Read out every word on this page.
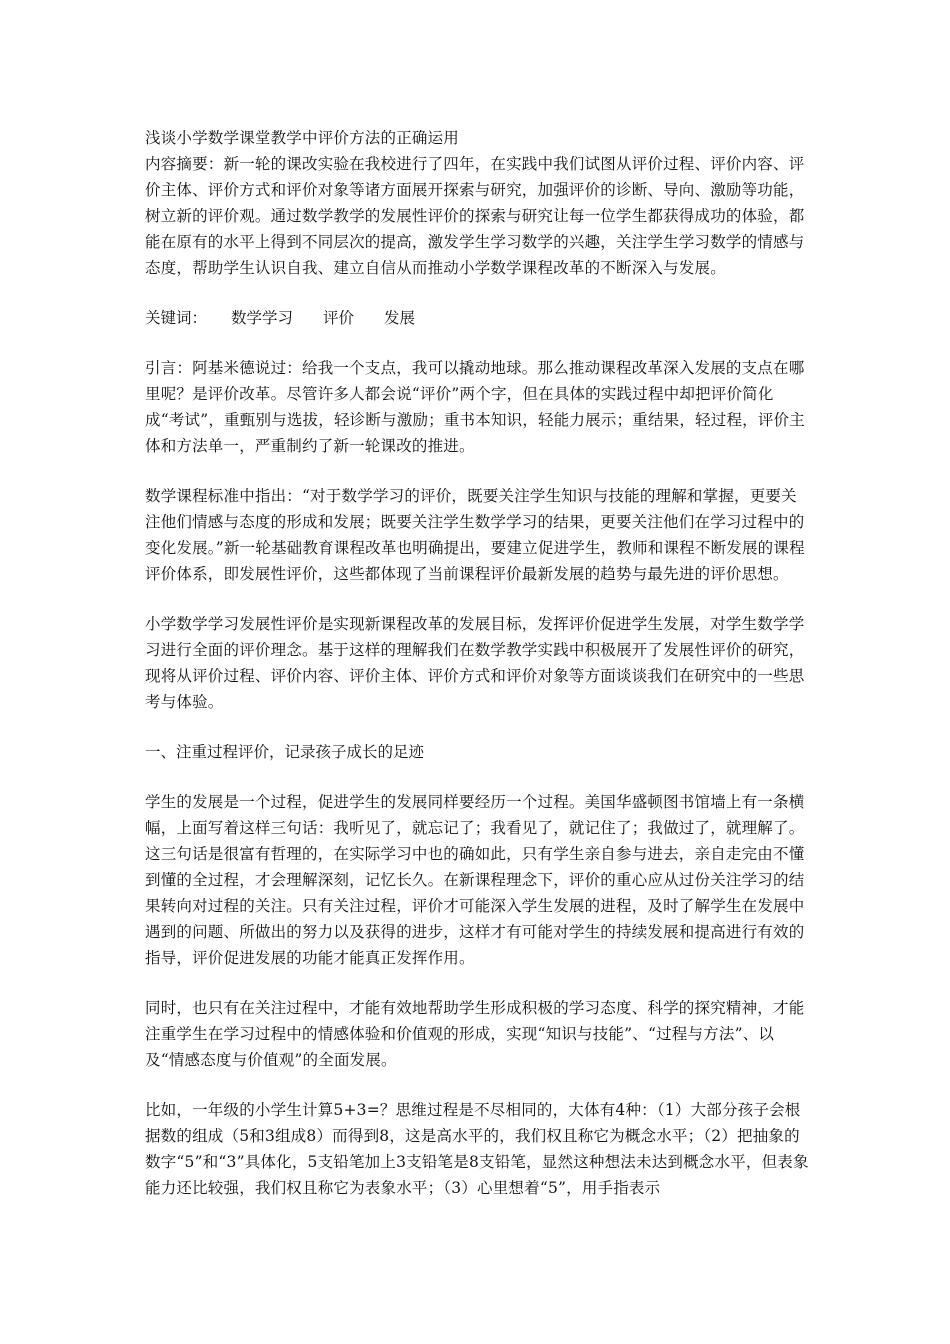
浅谈小学数学课堂教学中评价方法的正确运用
内容摘要：新一轮的课改实验在我校进行了四年，在实践中我们试图从评价过程、评价内容、评价主体、评价方式和评价对象等诸方面展开探索与研究，加强评价的诊断、导向、激励等功能，树立新的评价观。通过数学教学的发展性评价的探索与研究让每一位学生都获得成功的体验，都能在原有的水平上得到不同层次的提高，激发学生学习数学的兴趣，关注学生学习数学的情感与态度，帮助学生认识自我、建立自信从而推动小学数学课程改革的不断深入与发展。
关键词： 数学学习 评价 发展
引言：阿基米德说过：给我一个支点，我可以撬动地球。那么推动课程改革深入发展的支点在哪里呢？是评价改革。尽管许多人都会说“评价”两个字，但在具体的实践过程中却把评价简化成“考试”，重甄别与选拔，轻诊断与激励；重书本知识，轻能力展示；重结果，轻过程，评价主体和方法单一，严重制约了新一轮课改的推进。
数学课程标准中指出：“对于数学学习的评价，既要关注学生知识与技能的理解和掌握，更要关注他们情感与态度的形成和发展；既要关注学生数学学习的结果，更要关注他们在学习过程中的变化发展。”新一轮基础教育课程改革也明确提出，要建立促进学生，教师和课程不断发展的课程评价体系，即发展性评价，这些都体现了当前课程评价最新发展的趋势与最先进的评价思想。
小学数学学习发展性评价是实现新课程改革的发展目标，发挥评价促进学生发展，对学生数学学习进行全面的评价理念。基于这样的理解我们在数学教学实践中积极展开了发展性评价的研究，现将从评价过程、评价内容、评价主体、评价方式和评价对象等方面谈谈我们在研究中的一些思考与体验。
一、注重过程评价，记录孩子成长的足迹
学生的发展是一个过程，促进学生的发展同样要经历一个过程。美国华盛顿图书馆墙上有一条横幅，上面写着这样三句话：我听见了，就忘记了；我看见了，就记住了；我做过了，就理解了。这三句话是很富有哲理的，在实际学习中也的确如此，只有学生亲自参与进去，亲自走完由不懂到懂的全过程，才会理解深刻，记忆长久。在新课程理念下，评价的重心应从过份关注学习的结果转向对过程的关注。只有关注过程，评价才可能深入学生发展的进程，及时了解学生在发展中遇到的问题、所做出的努力以及获得的进步，这样才有可能对学生的持续发展和提高进行有效的指导，评价促进发展的功能才能真正发挥作用。
同时，也只有在关注过程中，才能有效地帮助学生形成积极的学习态度、科学的探究精神，才能注重学生在学习过程中的情感体验和价值观的形成，实现“知识与技能”、“过程与方法”、以及“情感态度与价值观”的全面发展。
比如，一年级的小学生计算5+3=？思维过程是不尽相同的，大体有4种：（1）大部分孩子会根据数的组成（5和3组成8）而得到8，这是高水平的，我们权且称它为概念水平；（2）把抽象的数字“5”和“3”具体化，5支铅笔加上3支铅笔是8支铅笔，显然这种想法未达到概念水平，但表象能力还比较强，我们权且称它为表象水平；（3）心里想着“5”，用手指表示
